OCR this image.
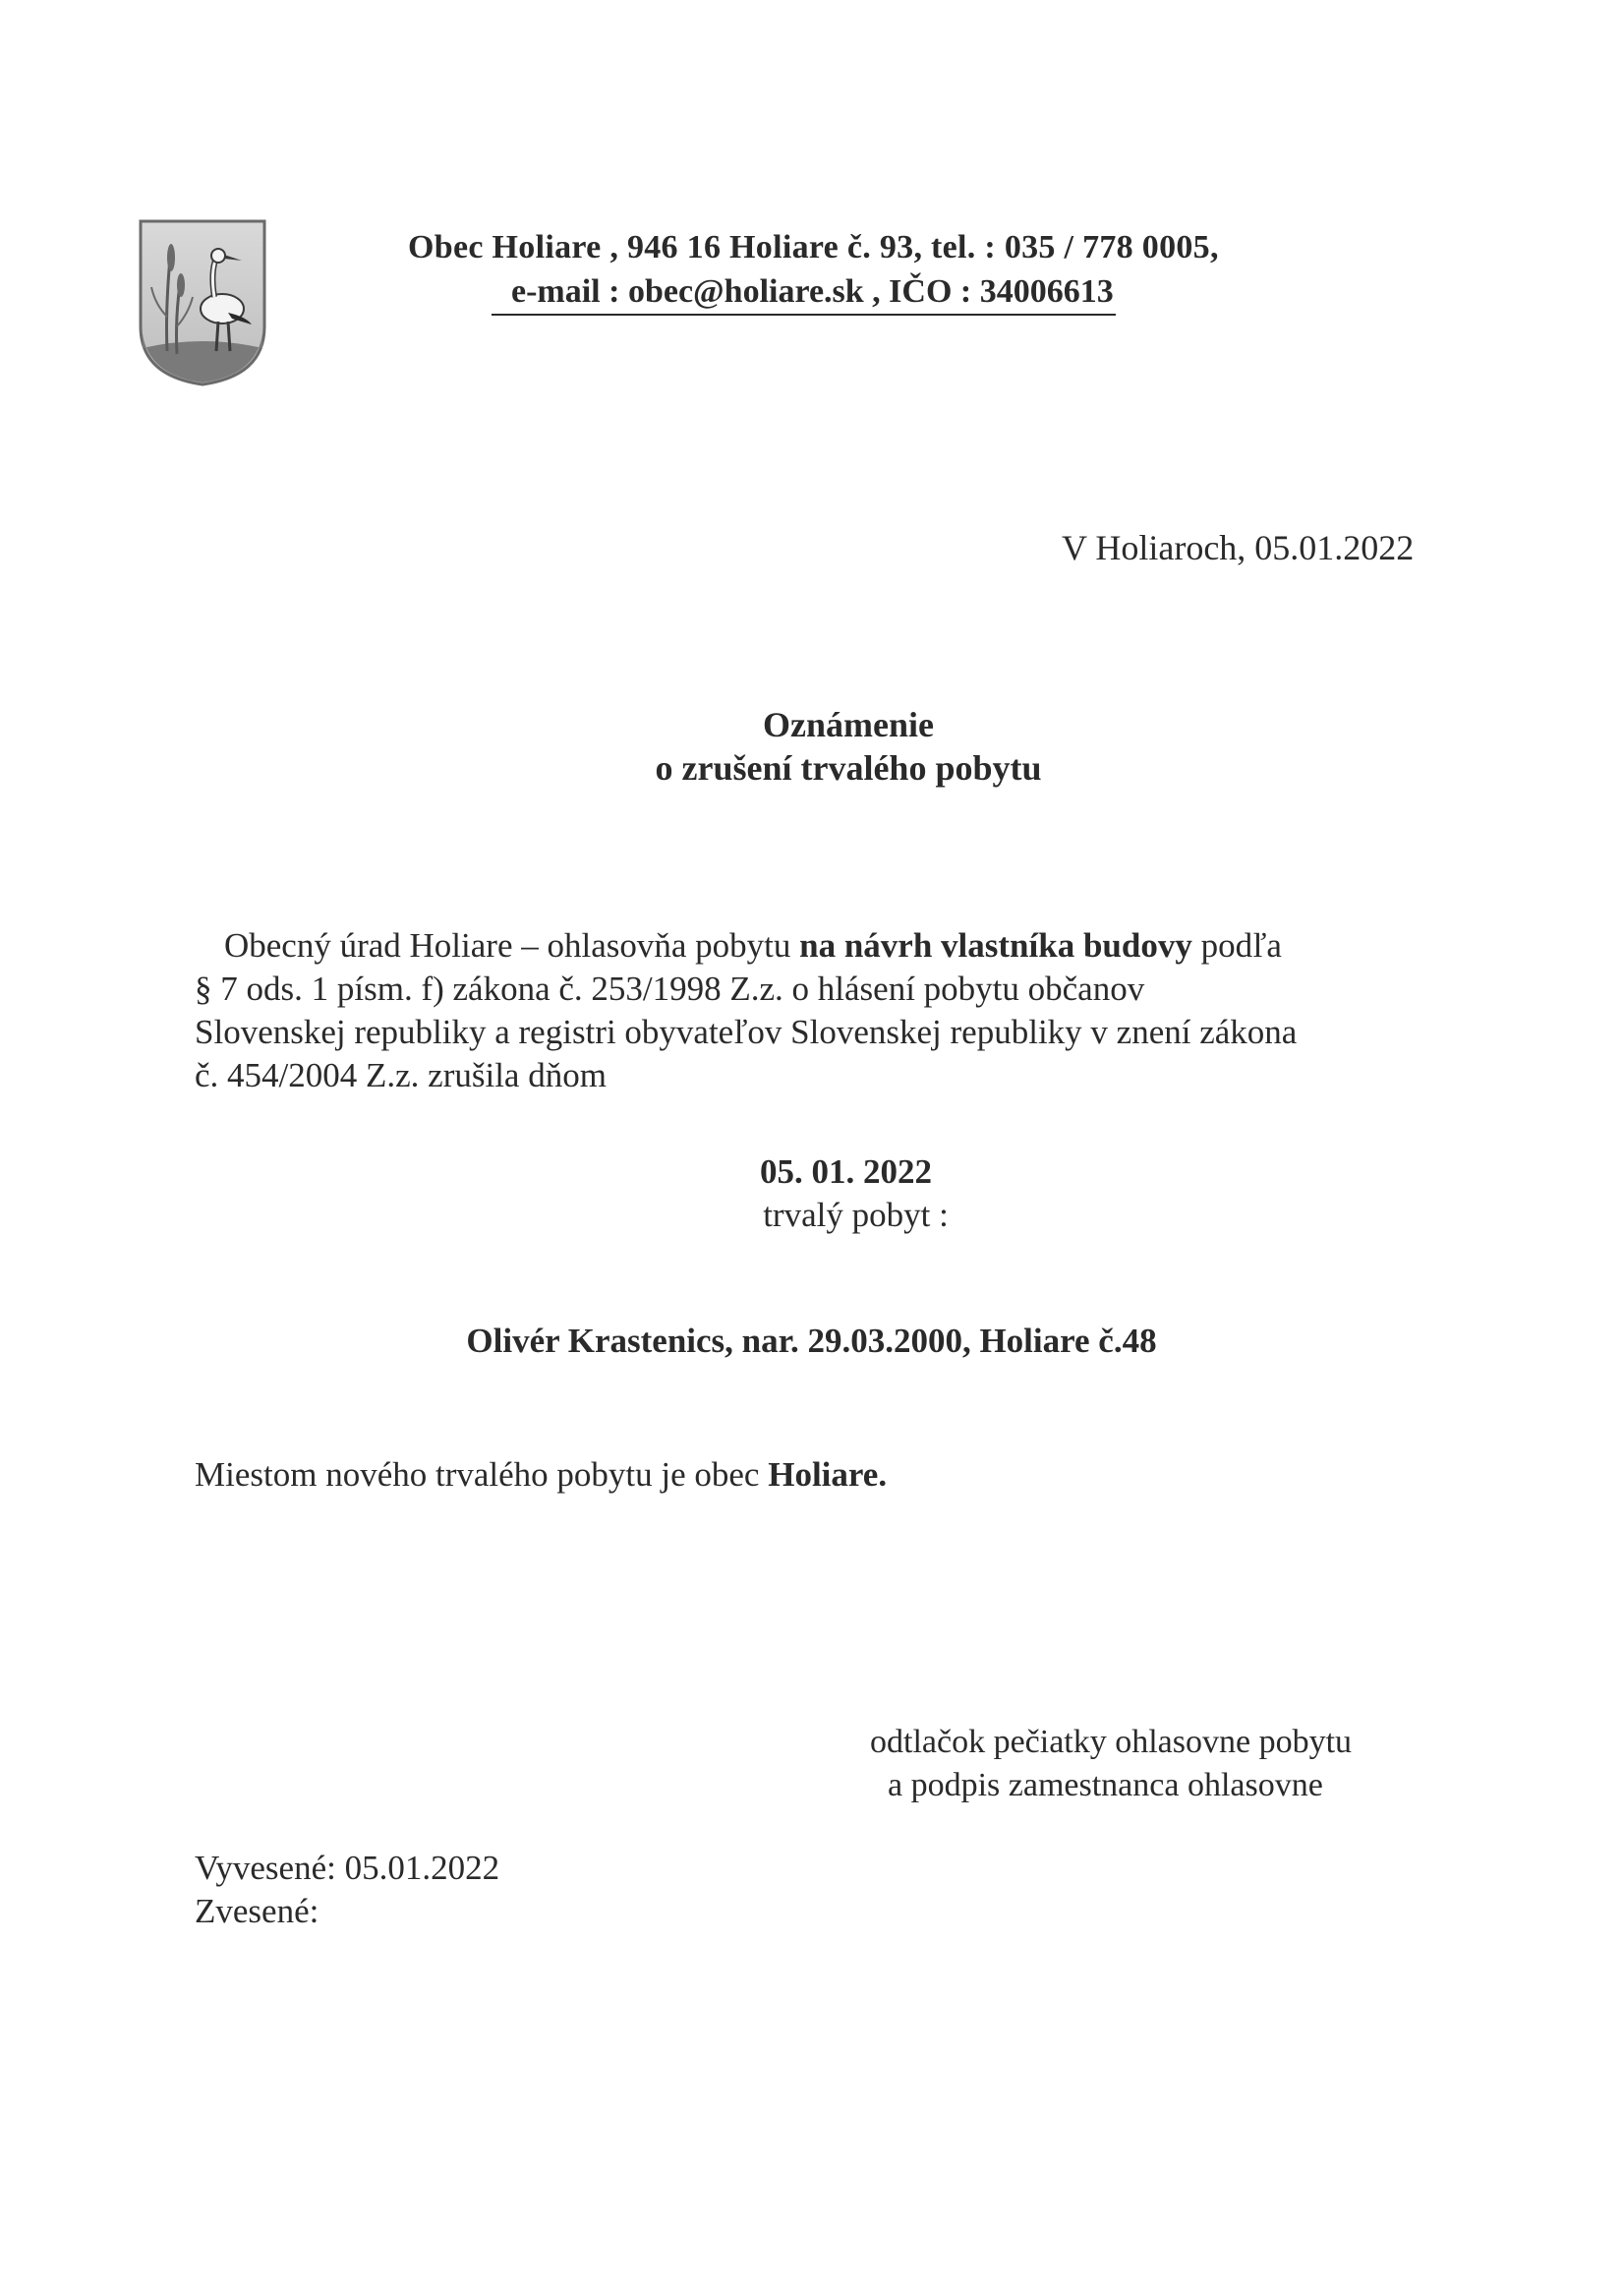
Obec Holiare , 946 16 Holiare č. 93, tel. : 035 / 778 0005,
e-mail : obec@holiare.sk , IČO : 34006613
V Holiaroch, 05.01.2022
Oznámenie
o zrušení trvalého pobytu
Obecný úrad Holiare – ohlasovňa pobytu na návrh vlastníka budovy podľa
§ 7 ods. 1 písm. f) zákona č. 253/1998 Z.z. o hlásení pobytu občanov
Slovenskej republiky a registri obyvateľov Slovenskej republiky v znení zákona
č. 454/2004 Z.z. zrušila dňom
05. 01. 2022
trvalý pobyt :
Olivér Krastenics, nar. 29.03.2000, Holiare č.48
Miestom nového trvalého pobytu je obec Holiare.
odtlačok pečiatky ohlasovne pobytu
a podpis zamestnanca ohlasovne
Vyvesené: 05.01.2022
Zvesené:
